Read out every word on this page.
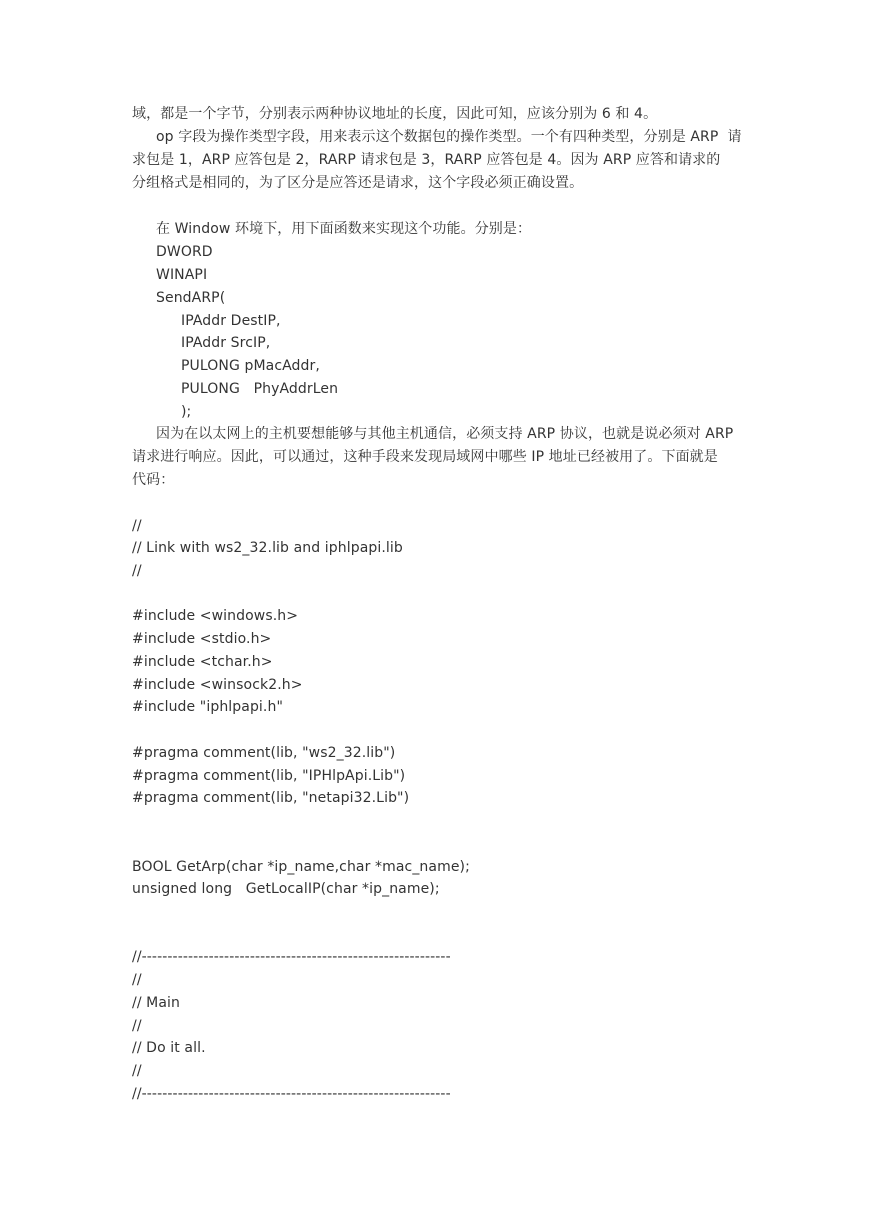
域，都是一个字节，分别表示两种协议地址的长度，因此可知，应该分别为 6 和 4。
op 字段为操作类型字段，用来表示这个数据包的操作类型。一个有四种类型，分别是 ARP  请
求包是 1，ARP 应答包是 2，RARP 请求包是 3，RARP 应答包是 4。因为 ARP 应答和请求的
分组格式是相同的，为了区分是应答还是请求，这个字段必须正确设置。
在 Window 环境下，用下面函数来实现这个功能。分别是：
DWORD
WINAPI
SendARP(
IPAddr DestIP,
IPAddr SrcIP,
PULONG pMacAddr,
PULONG   PhyAddrLen
);
因为在以太网上的主机要想能够与其他主机通信，必须支持 ARP 协议，也就是说必须对 ARP
请求进行响应。因此，可以通过，这种手段来发现局域网中哪些 IP 地址已经被用了。下面就是
代码：
//
// Link with ws2_32.lib and iphlpapi.lib
//
#include <windows.h>
#include <stdio.h>
#include <tchar.h>
#include <winsock2.h>
#include "iphlpapi.h"
#pragma comment(lib, "ws2_32.lib")
#pragma comment(lib, "IPHlpApi.Lib")
#pragma comment(lib, "netapi32.Lib")
BOOL GetArp(char *ip_name,char *mac_name);
unsigned long   GetLocalIP(char *ip_name);
//------------------------------------------------------------
//
// Main
//
// Do it all.
//
//------------------------------------------------------------
